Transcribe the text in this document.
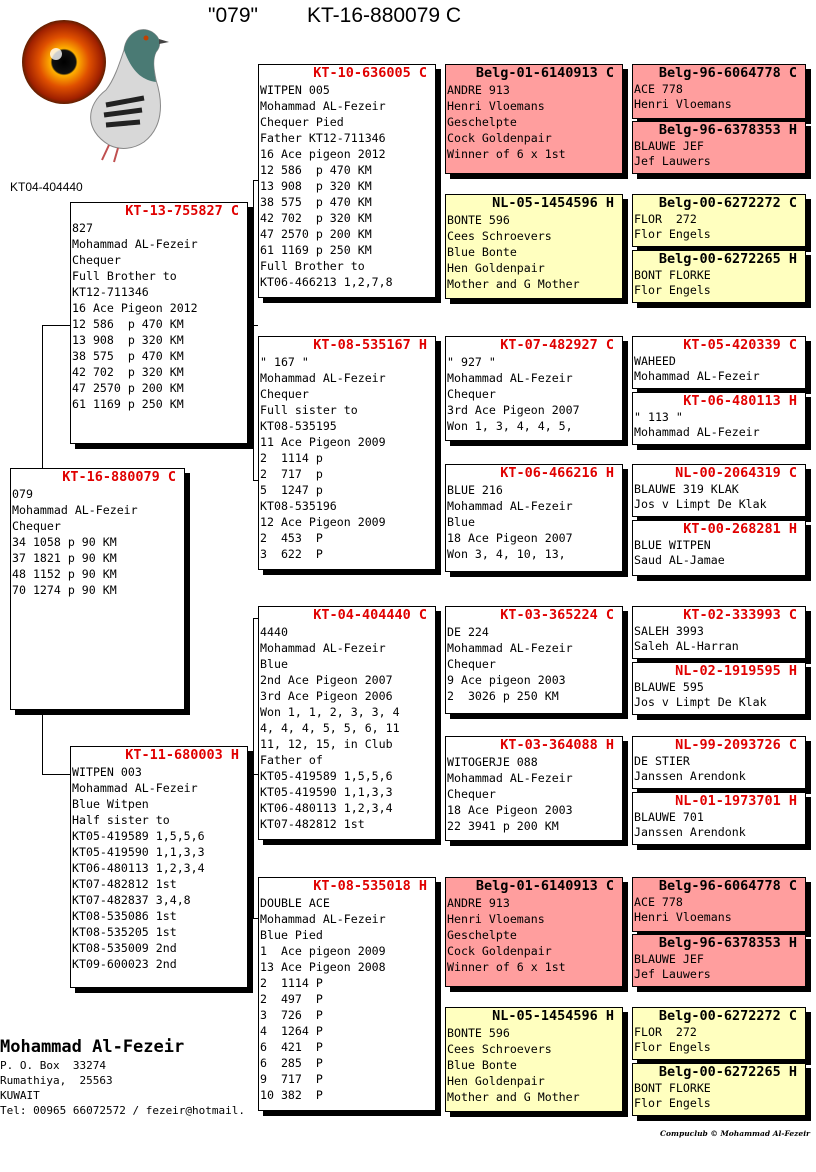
"079" KT-16-880079 C
KT04-404440
KT-16-880079 C
079
Mohammad AL-Fezeir
Chequer
34 1058 p 90 KM
37 1821 p 90 KM
48 1152 p 90 KM
70 1274 p 90 KM
KT-13-755827 C
827
Mohammad AL-Fezeir
Chequer
Full Brother to
KT12-711346
16 Ace Pigeon 2012
12 586  p 470 KM
13 908  p 320 KM
38 575  p 470 KM
42 702  p 320 KM
47 2570 p 200 KM
61 1169 p 250 KM
KT-11-680003 H
WITPEN 003
Mohammad AL-Fezeir
Blue Witpen
Half sister to
KT05-419589 1,5,5,6
KT05-419590 1,1,3,3
KT06-480113 1,2,3,4
KT07-482812 1st
KT07-482837 3,4,8
KT08-535086 1st
KT08-535205 1st
KT08-535009 2nd
KT09-600023 2nd
KT-10-636005 C
WITPEN 005
Mohammad AL-Fezeir
Chequer Pied
Father KT12-711346
16 Ace pigeon 2012
12 586  p 470 KM
13 908  p 320 KM
38 575  p 470 KM
42 702  p 320 KM
47 2570 p 200 KM
61 1169 p 250 KM
Full Brother to
KT06-466213 1,2,7,8
KT-08-535167 H
" 167 "
Mohammad AL-Fezeir
Chequer
Full sister to
KT08-535195
11 Ace Pigeon 2009
2  1114 p
2  717  p
5  1247 p
KT08-535196
12 Ace Pigeon 2009
2  453  P
3  622  P
KT-04-404440 C
4440
Mohammad AL-Fezeir
Blue
2nd Ace Pigeon 2007
3rd Ace Pigeon 2006
Won 1, 1, 2, 3, 3, 4
4, 4, 4, 5, 5, 6, 11
11, 12, 15, in Club
Father of
KT05-419589 1,5,5,6
KT05-419590 1,1,3,3
KT06-480113 1,2,3,4
KT07-482812 1st
KT-08-535018 H
DOUBLE ACE
Mohammad AL-Fezeir
Blue Pied
1  Ace pigeon 2009
13 Ace Pigeon 2008
2  1114 P
2  497  P
3  726  P
4  1264 P
6  421  P
6  285  P
9  717  P
10 382  P
Belg-01-6140913 C
ANDRE 913
Henri Vloemans
Geschelpte
Cock Goldenpair
Winner of 6 x 1st
NL-05-1454596 H
BONTE 596
Cees Schroevers
Blue Bonte
Hen Goldenpair
Mother and G Mother
KT-07-482927 C
" 927 "
Mohammad AL-Fezeir
Chequer
3rd Ace Pigeon 2007
Won 1, 3, 4, 4, 5,
KT-06-466216 H
BLUE 216
Mohammad AL-Fezeir
Blue
18 Ace Pigeon 2007
Won 3, 4, 10, 13,
KT-03-365224 C
DE 224
Mohammad AL-Fezeir
Chequer
9 Ace pigeon 2003
2  3026 p 250 KM
KT-03-364088 H
WITOGERJE 088
Mohammad AL-Fezeir
Chequer
18 Ace Pigeon 2003
22 3941 p 200 KM
Belg-01-6140913 C
ANDRE 913
Henri Vloemans
Geschelpte
Cock Goldenpair
Winner of 6 x 1st
NL-05-1454596 H
BONTE 596
Cees Schroevers
Blue Bonte
Hen Goldenpair
Mother and G Mother
Belg-96-6064778 C
ACE 778
Henri Vloemans
Belg-96-6378353 H
BLAUWE JEF
Jef Lauwers
Belg-00-6272272 C
FLOR  272
Flor Engels
Belg-00-6272265 H
BONT FLORKE
Flor Engels
KT-05-420339 C
WAHEED
Mohammad AL-Fezeir
KT-06-480113 H
" 113 "
Mohammad AL-Fezeir
NL-00-2064319 C
BLAUWE 319 KLAK
Jos v Limpt De Klak
KT-00-268281 H
BLUE WITPEN
Saud AL-Jamae
KT-02-333993 C
SALEH 3993
Saleh AL-Harran
NL-02-1919595 H
BLAUWE 595
Jos v Limpt De Klak
NL-99-2093726 C
DE STIER
Janssen Arendonk
NL-01-1973701 H
BLAUWE 701
Janssen Arendonk
Belg-96-6064778 C
ACE 778
Henri Vloemans
Belg-96-6378353 H
BLAUWE JEF
Jef Lauwers
Belg-00-6272272 C
FLOR  272
Flor Engels
Belg-00-6272265 H
BONT FLORKE
Flor Engels
Mohammad Al-Fezeir
P. O. Box  33274
Rumathiya,  25563
KUWAIT
Tel: 00965 66072572 / fezeir@hotmail.
Compuclub © Mohammad Al-Fezeir
